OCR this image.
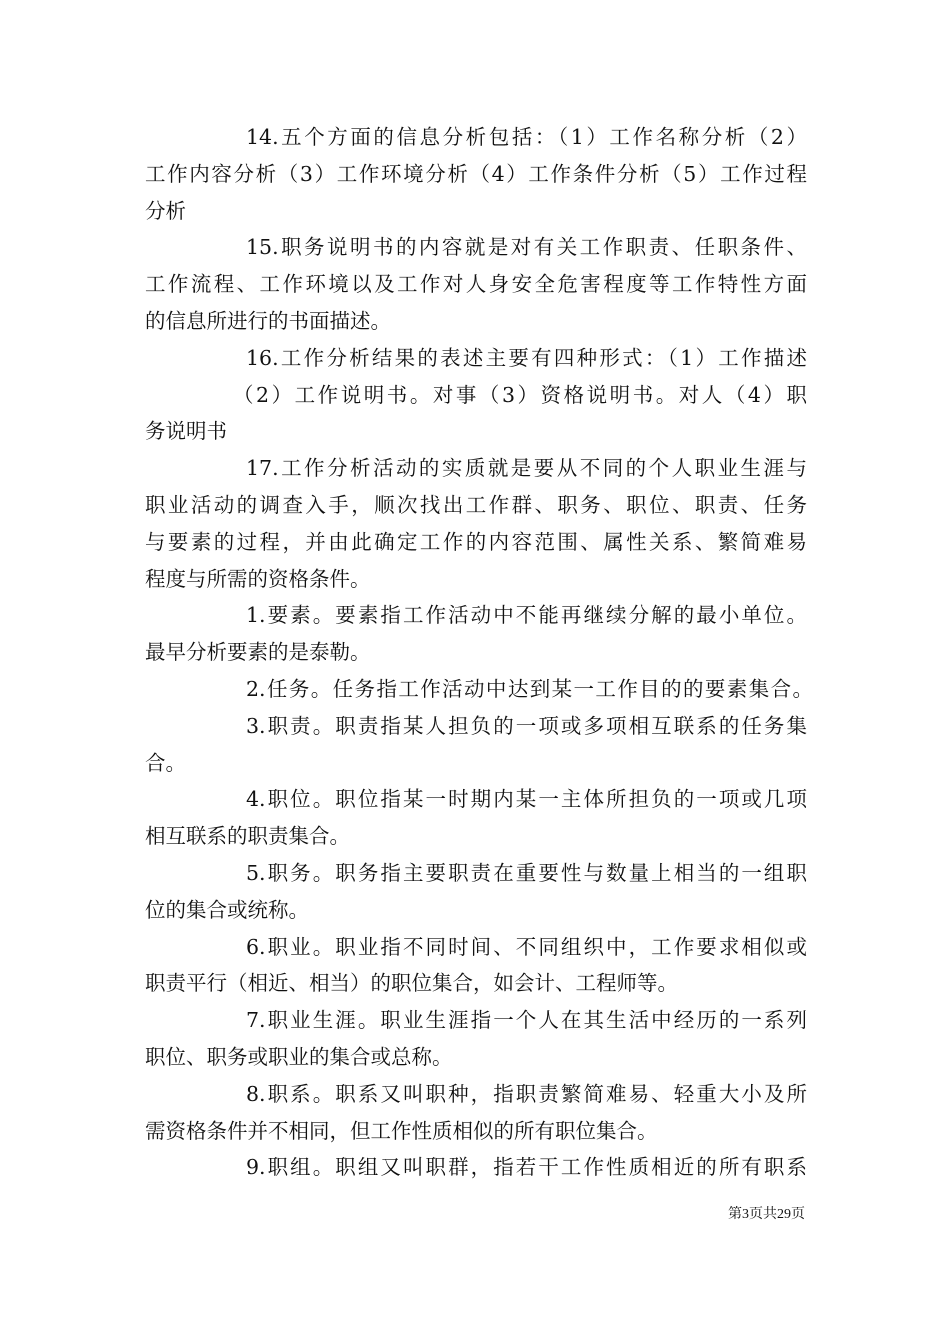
14.五个方面的信息分析包括：（1）工作名称分析（2）
工作内容分析（3）工作环境分析（4）工作条件分析（5）工作过程
分析
15.职务说明书的内容就是对有关工作职责、任职条件、
工作流程、工作环境以及工作对人身安全危害程度等工作特性方面
的信息所进行的书面描述。
16.工作分析结果的表述主要有四种形式：（1）工作描述
（2）工作说明书。对事（3）资格说明书。对人（4）职
务说明书
17.工作分析活动的实质就是要从不同的个人职业生涯与
职业活动的调查入手，顺次找出工作群、职务、职位、职责、任务
与要素的过程，并由此确定工作的内容范围、属性关系、繁简难易
程度与所需的资格条件。
1.要素。要素指工作活动中不能再继续分解的最小单位。
最早分析要素的是泰勒。
2.任务。任务指工作活动中达到某一工作目的的要素集合。
3.职责。职责指某人担负的一项或多项相互联系的任务集
合。
4.职位。职位指某一时期内某一主体所担负的一项或几项
相互联系的职责集合。
5.职务。职务指主要职责在重要性与数量上相当的一组职
位的集合或统称。
6.职业。职业指不同时间、不同组织中，工作要求相似或
职责平行（相近、相当）的职位集合，如会计、工程师等。
7.职业生涯。职业生涯指一个人在其生活中经历的一系列
职位、职务或职业的集合或总称。
8.职系。职系又叫职种，指职责繁简难易、轻重大小及所
需资格条件并不相同，但工作性质相似的所有职位集合。
9.职组。职组又叫职群，指若干工作性质相近的所有职系
第3页共29页
